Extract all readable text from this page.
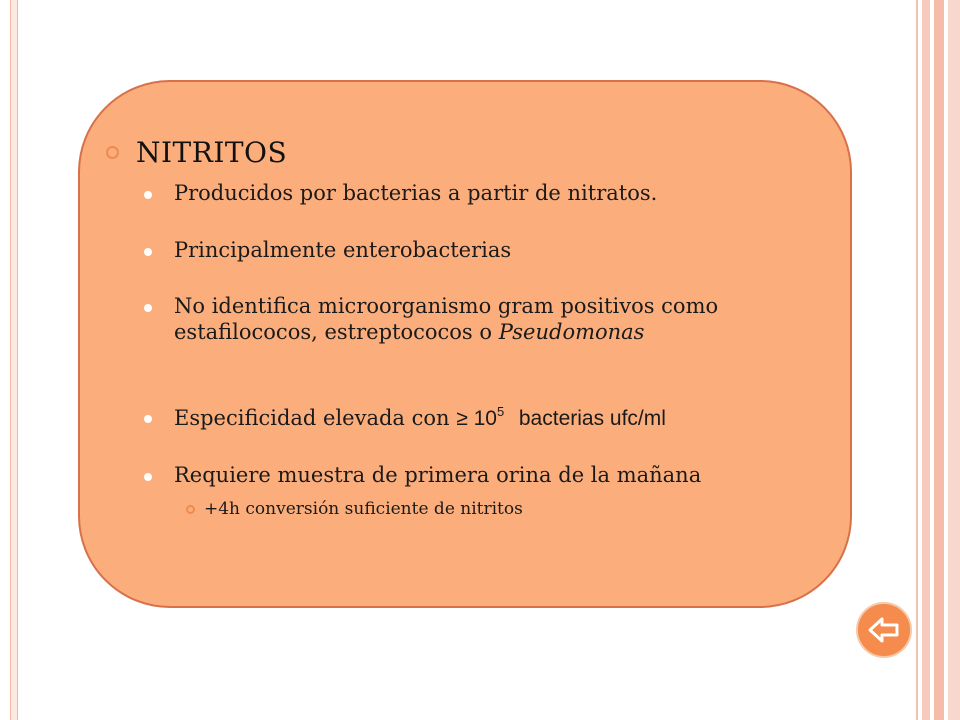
NITRITOS
Producidos por bacterias a partir de nitratos.
Principalmente enterobacterias
No identifica microorganismo gram positivos como estafilococos, estreptococos o Pseudomonas
Especificidad elevada con ≥ $10^5$ bacterias ufc/ml
Requiere muestra de primera orina de la mañana
+4h conversión suficiente de nitritos
